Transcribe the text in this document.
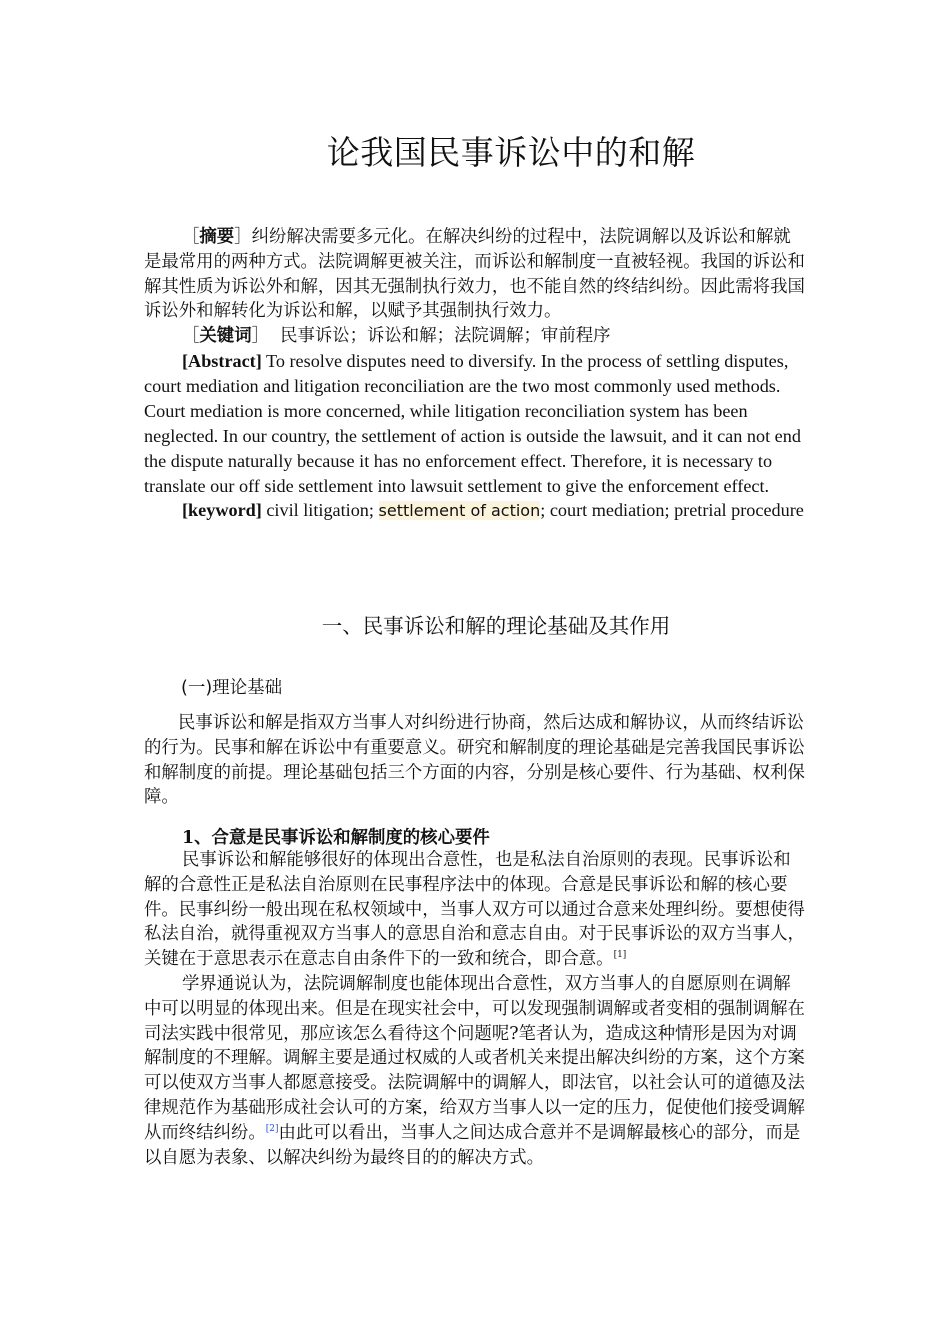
论我国民事诉讼中的和解

［摘要］纠纷解决需要多元化。在解决纠纷的过程中，法院调解以及诉讼和解就是最常用的两种方式。法院调解更被关注，而诉讼和解制度一直被轻视。我国的诉讼和解其性质为诉讼外和解，因其无强制执行效力，也不能自然的终结纠纷。因此需将我国诉讼外和解转化为诉讼和解，以赋予其强制执行效力。

［关键词］ 民事诉讼；诉讼和解；法院调解；审前程序

[Abstract] To resolve disputes need to diversify. In the process of settling disputes, court mediation and litigation reconciliation are the two most commonly used methods. Court mediation is more concerned, while litigation reconciliation system has been neglected. In our country, the settlement of action is outside the lawsuit, and it can not end the dispute naturally because it has no enforcement effect. Therefore, it is necessary to translate our off side settlement into lawsuit settlement to give the enforcement effect.

[keyword] civil litigation; settlement of action; court mediation; pretrial procedure

一、民事诉讼和解的理论基础及其作用
(一)理论基础

民事诉讼和解是指双方当事人对纠纷进行协商，然后达成和解协议，从而终结诉讼的行为。民事和解在诉讼中有重要意义。研究和解制度的理论基础是完善我国民事诉讼和解制度的前提。理论基础包括三个方面的内容，分别是核心要件、行为基础、权利保障。

1、合意是民事诉讼和解制度的核心要件

民事诉讼和解能够很好的体现出合意性，也是私法自治原则的表现。民事诉讼和解的合意性正是私法自治原则在民事程序法中的体现。合意是民事诉讼和解的核心要件。民事纠纷一般出现在私权领域中，当事人双方可以通过合意来处理纠纷。要想使得私法自治，就得重视双方当事人的意思自治和意志自由。对于民事诉讼的双方当事人，关键在于意思表示在意志自由条件下的一致和统合，即合意。[1]

学界通说认为，法院调解制度也能体现出合意性，双方当事人的自愿原则在调解中可以明显的体现出来。但是在现实社会中，可以发现强制调解或者变相的强制调解在司法实践中很常见，那应该怎么看待这个问题呢?笔者认为，造成这种情形是因为对调解制度的不理解。调解主要是通过权威的人或者机关来提出解决纠纷的方案，这个方案可以使双方当事人都愿意接受。法院调解中的调解人，即法官，以社会认可的道德及法律规范作为基础形成社会认可的方案，给双方当事人以一定的压力，促使他们接受调解从而终结纠纷。[2]由此可以看出，当事人之间达成合意并不是调解最核心的部分，而是以自愿为表象、以解决纠纷为最终目的的解决方式。
